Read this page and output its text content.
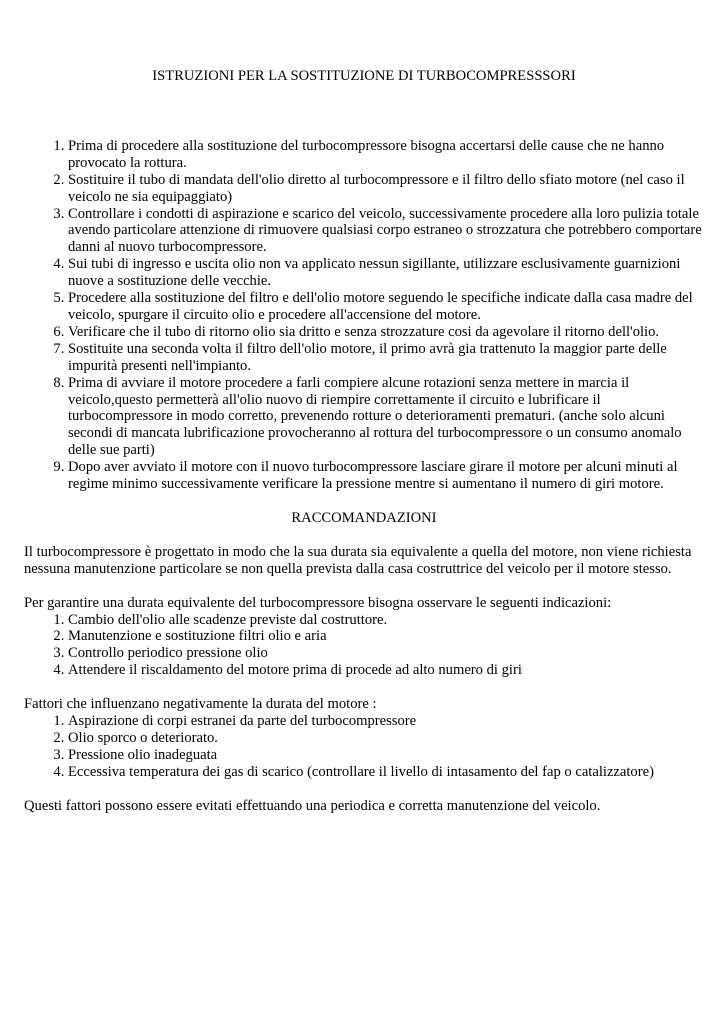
ISTRUZIONI PER LA SOSTITUZIONE DI TURBOCOMPRESSSORI
1. Prima di procedere alla sostituzione del turbocompressore bisogna accertarsi delle cause che ne hanno provocato la rottura.
2. Sostituire il tubo di mandata dell'olio diretto al turbocompressore e il filtro dello sfiato motore (nel caso il veicolo ne sia equipaggiato)
3. Controllare i condotti di aspirazione e scarico del veicolo, successivamente procedere alla loro pulizia totale avendo particolare attenzione di rimuovere qualsiasi corpo estraneo o strozzatura che potrebbero comportare danni al nuovo turbocompressore.
4. Sui tubi di ingresso e uscita olio non va applicato nessun sigillante, utilizzare esclusivamente guarnizioni nuove a sostituzione delle vecchie.
5. Procedere alla sostituzione del filtro e dell'olio motore seguendo le specifiche indicate dalla casa madre del veicolo, spurgare il circuito olio e procedere all'accensione del motore.
6. Verificare che il tubo di ritorno olio sia dritto e senza strozzature cosi da agevolare il ritorno dell'olio.
7. Sostituite una seconda volta il filtro dell'olio motore, il primo avrà gia trattenuto la maggior parte delle impurità presenti nell'impianto.
8. Prima di avviare il motore procedere a farli compiere alcune rotazioni senza mettere in marcia il veicolo,questo permetterà all'olio nuovo di riempire correttamente il circuito e lubrificare il turbocompressore in modo corretto, prevenendo rotture o deterioramenti prematuri. (anche solo alcuni secondi di mancata lubrificazione provocheranno al rottura del turbocompressore o un consumo anomalo delle sue parti)
9. Dopo aver avviato il motore con il nuovo turbocompressore lasciare girare il motore per alcuni minuti al regime minimo successivamente verificare la pressione mentre si aumentano il numero di giri motore.
RACCOMANDAZIONI

Il turbocompressore è progettato in modo che la sua durata sia equivalente a quella del motore, non viene richiesta nessuna manutenzione particolare se non quella prevista dalla casa costruttrice del veicolo per il motore stesso.

Per garantire una durata equivalente del turbocompressore bisogna osservare le seguenti indicazioni:
1. Cambio dell'olio alle scadenze previste dal costruttore.
2. Manutenzione e sostituzione filtri olio e aria
3. Controllo periodico pressione olio
4. Attendere il riscaldamento del motore prima di procede ad alto numero di giri
Fattori che influenzano negativamente la durata del motore :
1. Aspirazione di corpi estranei da parte del turbocompressore
2. Olio sporco o deteriorato.
3. Pressione olio inadeguata
4. Eccessiva temperatura dei gas di scarico (controllare il livello di intasamento del fap o catalizzatore)

Questi fattori possono essere evitati effettuando una periodica e corretta manutenzione del veicolo.
